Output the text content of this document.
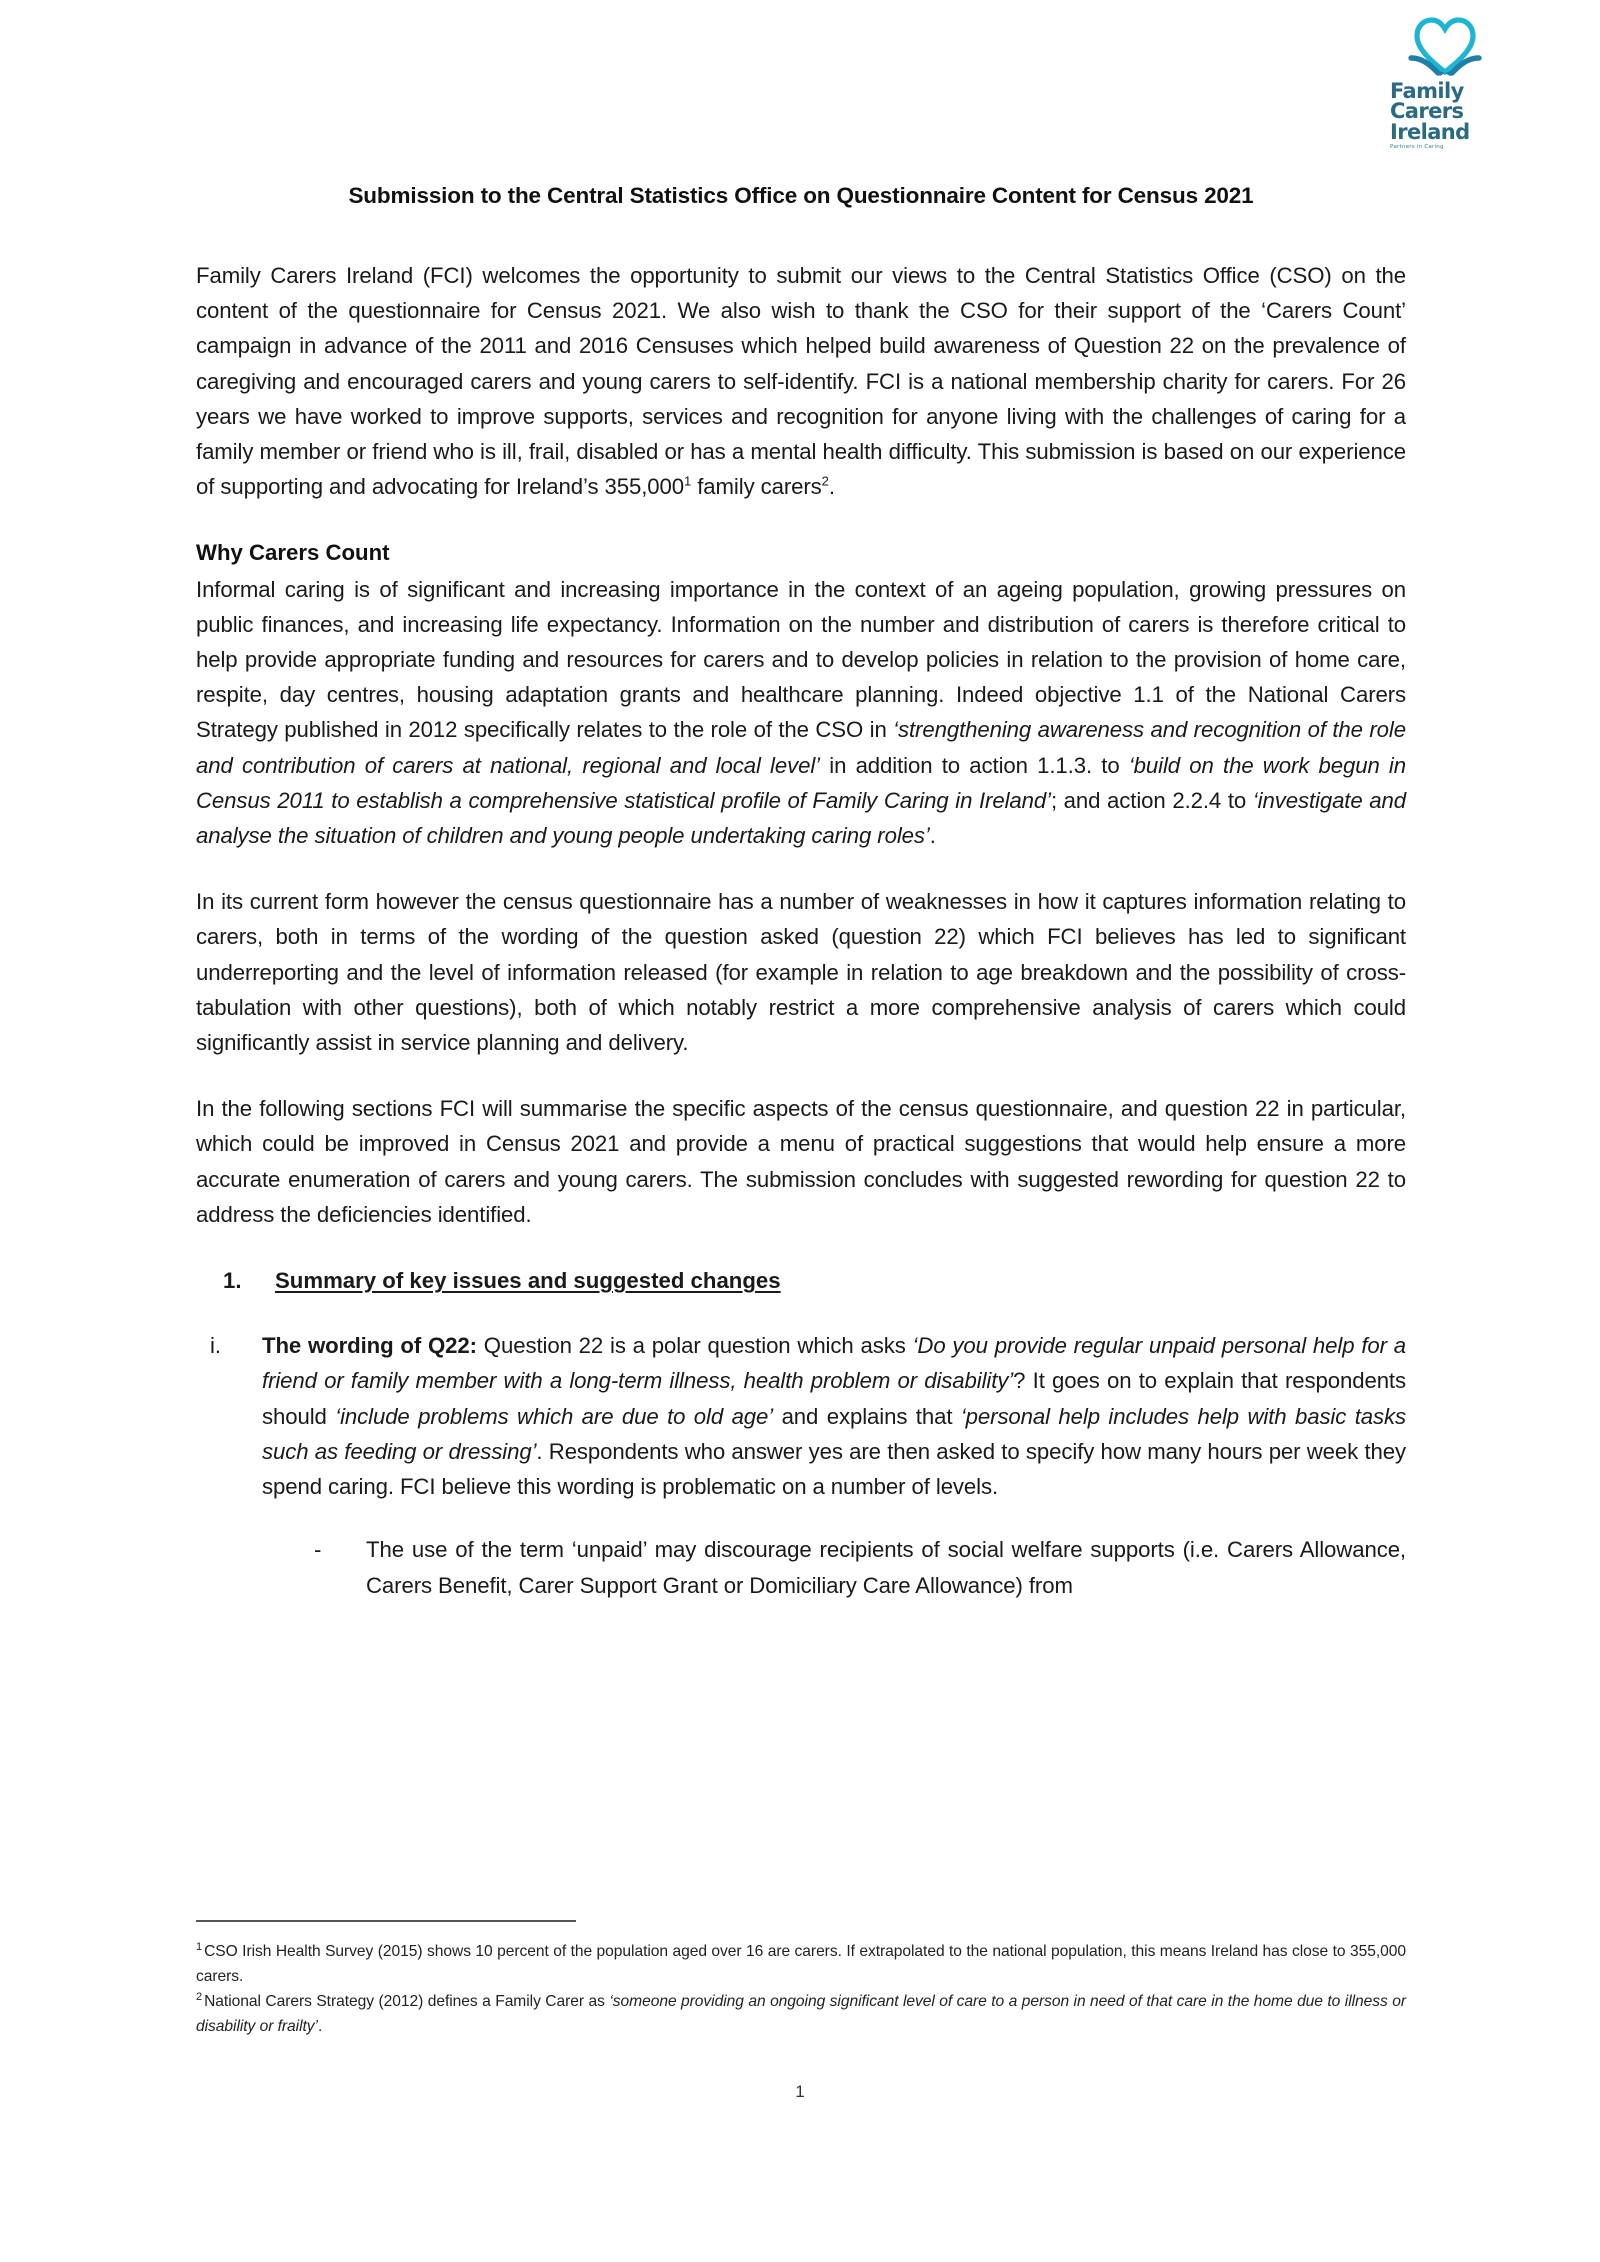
Family
Carers
Ireland
Partners in Caring
Submission to the Central Statistics Office on Questionnaire Content for Census 2021

Family Carers Ireland (FCI) welcomes the opportunity to submit our views to the Central Statistics Office (CSO) on the content of the questionnaire for Census 2021. We also wish to thank the CSO for their support of the ‘Carers Count’ campaign in advance of the 2011 and 2016 Censuses which helped build awareness of Question 22 on the prevalence of caregiving and encouraged carers and young carers to self-identify. FCI is a national membership charity for carers. For 26 years we have worked to improve supports, services and recognition for anyone living with the challenges of caring for a family member or friend who is ill, frail, disabled or has a mental health difficulty. This submission is based on our experience of supporting and advocating for Ireland’s 355,000$^1$ family carers$^2$.

Why Carers Count

Informal caring is of significant and increasing importance in the context of an ageing population, growing pressures on public finances, and increasing life expectancy. Information on the number and distribution of carers is therefore critical to help provide appropriate funding and resources for carers and to develop policies in relation to the provision of home care, respite, day centres, housing adaptation grants and healthcare planning. Indeed objective 1.1 of the National Carers Strategy published in 2012 specifically relates to the role of the CSO in ‘strengthening awareness and recognition of the role and contribution of carers at national, regional and local level’ in addition to action 1.1.3. to ‘build on the work begun in Census 2011 to establish a comprehensive statistical profile of Family Caring in Ireland’; and action 2.2.4 to ‘investigate and analyse the situation of children and young people undertaking caring roles’.

In its current form however the census questionnaire has a number of weaknesses in how it captures information relating to carers, both in terms of the wording of the question asked (question 22) which FCI believes has led to significant underreporting and the level of information released (for example in relation to age breakdown and the possibility of cross-tabulation with other questions), both of which notably restrict a more comprehensive analysis of carers which could significantly assist in service planning and delivery.

In the following sections FCI will summarise the specific aspects of the census questionnaire, and question 22 in particular, which could be improved in Census 2021 and provide a menu of practical suggestions that would help ensure a more accurate enumeration of carers and young carers. The submission concludes with suggested rewording for question 22 to address the deficiencies identified.

1.	Summary of key issues and suggested changes
i.	The wording of Q22: Question 22 is a polar question which asks ‘Do you provide regular unpaid personal help for a friend or family member with a long-term illness, health problem or disability’? It goes on to explain that respondents should ‘include problems which are due to old age’ and explains that ‘personal help includes help with basic tasks such as feeding or dressing’. Respondents who answer yes are then asked to specify how many hours per week they spend caring. FCI believe this wording is problematic on a number of levels.
-	The use of the term ‘unpaid’ may discourage recipients of social welfare supports (i.e. Carers Allowance, Carers Benefit, Carer Support Grant or Domiciliary Care Allowance) from

$^1$ CSO Irish Health Survey (2015) shows 10 percent of the population aged over 16 are carers. If extrapolated to the national population, this means Ireland has close to 355,000 carers.

$^2$ National Carers Strategy (2012) defines a Family Carer as ‘someone providing an ongoing significant level of care to a person in need of that care in the home due to illness or disability or frailty’.

1
